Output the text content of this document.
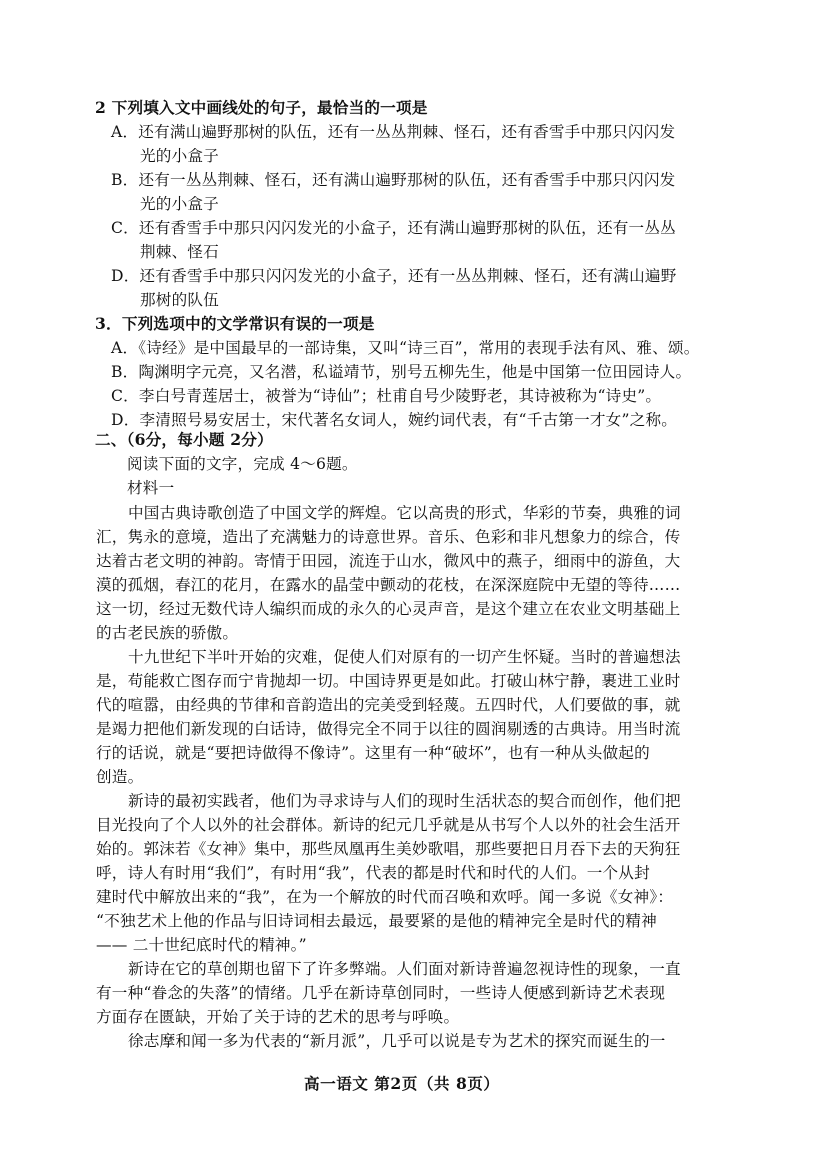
2 下列填入文中画线处的句子，最恰当的一项是
A．还有满山遍野那树的队伍，还有一丛丛荆棘、怪石，还有香雪手中那只闪闪发
光的小盒子
B．还有一丛丛荆棘、怪石，还有满山遍野那树的队伍，还有香雪手中那只闪闪发
光的小盒子
C．还有香雪手中那只闪闪发光的小盒子，还有满山遍野那树的队伍，还有一丛丛
荆棘、怪石
D．还有香雪手中那只闪闪发光的小盒子，还有一丛丛荆棘、怪石，还有满山遍野
那树的队伍
3．下列选项中的文学常识有误的一项是
A．《诗经》是中国最早的一部诗集，又叫“诗三百”，常用的表现手法有风、雅、颂。
B．陶渊明字元亮，又名潜，私谥靖节，别号五柳先生，他是中国第一位田园诗人。
C．李白号青莲居士，被誉为“诗仙”；杜甫自号少陵野老，其诗被称为“诗史”。
D．李清照号易安居士，宋代著名女词人，婉约词代表，有“千古第一才女”之称。
二、（6分，每小题 2分）
阅读下面的文字，完成 4～6题。
材料一
中国古典诗歌创造了中国文学的辉煌。它以高贵的形式，华彩的节奏，典雅的词
汇，隽永的意境，造出了充满魅力的诗意世界。音乐、色彩和非凡想象力的综合，传
达着古老文明的神韵。寄情于田园，流连于山水，微风中的燕子，细雨中的游鱼，大
漠的孤烟，春江的花月，在露水的晶莹中颤动的花枝，在深深庭院中无望的等待……
这一切，经过无数代诗人编织而成的永久的心灵声音，是这个建立在农业文明基础上
的古老民族的骄傲。
十九世纪下半叶开始的灾难，促使人们对原有的一切产生怀疑。当时的普遍想法
是，苟能救亡图存而宁肯抛却一切。中国诗界更是如此。打破山林宁静，裹进工业时
代的喧嚣，由经典的节律和音韵造出的完美受到轻蔑。五四时代，人们要做的事，就
是竭力把他们新发现的白话诗，做得完全不同于以往的圆润剔透的古典诗。用当时流
行的话说，就是“要把诗做得不像诗”。这里有一种“破坏”，也有一种从头做起的
创造。
新诗的最初实践者，他们为寻求诗与人们的现时生活状态的契合而创作，他们把
目光投向了个人以外的社会群体。新诗的纪元几乎就是从书写个人以外的社会生活开
始的。郭沫若《女神》集中，那些凤凰再生美妙歌唱，那些要把日月吞下去的天狗狂
呼，诗人有时用“我们”，有时用“我”，代表的都是时代和时代的人们。一个从封
建时代中解放出来的“我”，在为一个解放的时代而召唤和欢呼。闻一多说《女神》：
“不独艺术上他的作品与旧诗词相去最远，最要紧的是他的精神完全是时代的精神
—— 二十世纪底时代的精神。”
新诗在它的草创期也留下了许多弊端。人们面对新诗普遍忽视诗性的现象，一直
有一种“眷念的失落”的情绪。几乎在新诗草创同时，一些诗人便感到新诗艺术表现
方面存在匮缺，开始了关于诗的艺术的思考与呼唤。
徐志摩和闻一多为代表的“新月派”，几乎可以说是专为艺术的探究而诞生的一
高一语文 第2页（共 8页）
